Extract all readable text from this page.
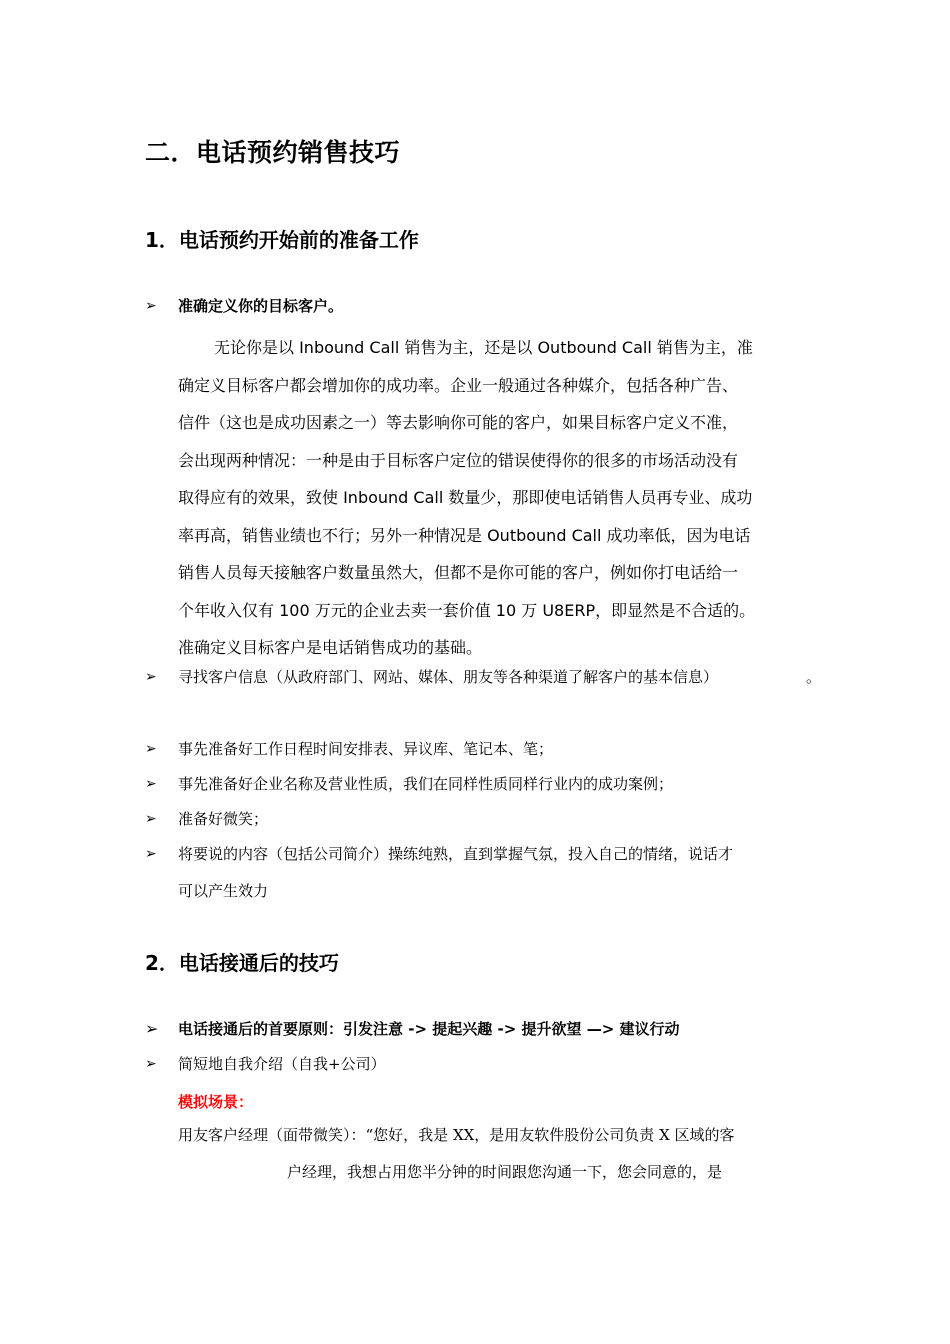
二．电话预约销售技巧
1．电话预约开始前的准备工作
➢ 准确定义你的目标客户。
无论你是以 Inbound Call 销售为主，还是以 Outbound Call 销售为主，准
确定义目标客户都会增加你的成功率。企业一般通过各种媒介，包括各种广告、
信件（这也是成功因素之一）等去影响你可能的客户，如果目标客户定义不准，
会出现两种情况：一种是由于目标客户定位的错误使得你的很多的市场活动没有
取得应有的效果，致使 Inbound Call 数量少，那即使电话销售人员再专业、成功
率再高，销售业绩也不行；另外一种情况是 Outbound Call 成功率低，因为电话
销售人员每天接触客户数量虽然大，但都不是你可能的客户，例如你打电话给一
个年收入仅有 100 万元的企业去卖一套价值 10 万 U8ERP，即显然是不合适的。
准确定义目标客户是电话销售成功的基础。
➢ 寻找客户信息（从政府部门、网站、媒体、朋友等各种渠道了解客户的基本信息）	。
➢ 事先准备好工作日程时间安排表、异议库、笔记本、笔；
➢ 事先准备好企业名称及营业性质，我们在同样性质同样行业内的成功案例；
➢ 准备好微笑；
➢ 将要说的内容（包括公司简介）操练纯熟，直到掌握气氛，投入自己的情绪，说话才
可以产生效力
2．电话接通后的技巧
➢ 电话接通后的首要原则：引发注意 -> 提起兴趣 -> 提升欲望 —> 建议行动
➢ 简短地自我介绍（自我+公司）
模拟场景：
用友客户经理（面带微笑）：“您好，我是 XX，是用友软件股份公司负责 X 区域的客
户经理，我想占用您半分钟的时间跟您沟通一下，您会同意的，是
